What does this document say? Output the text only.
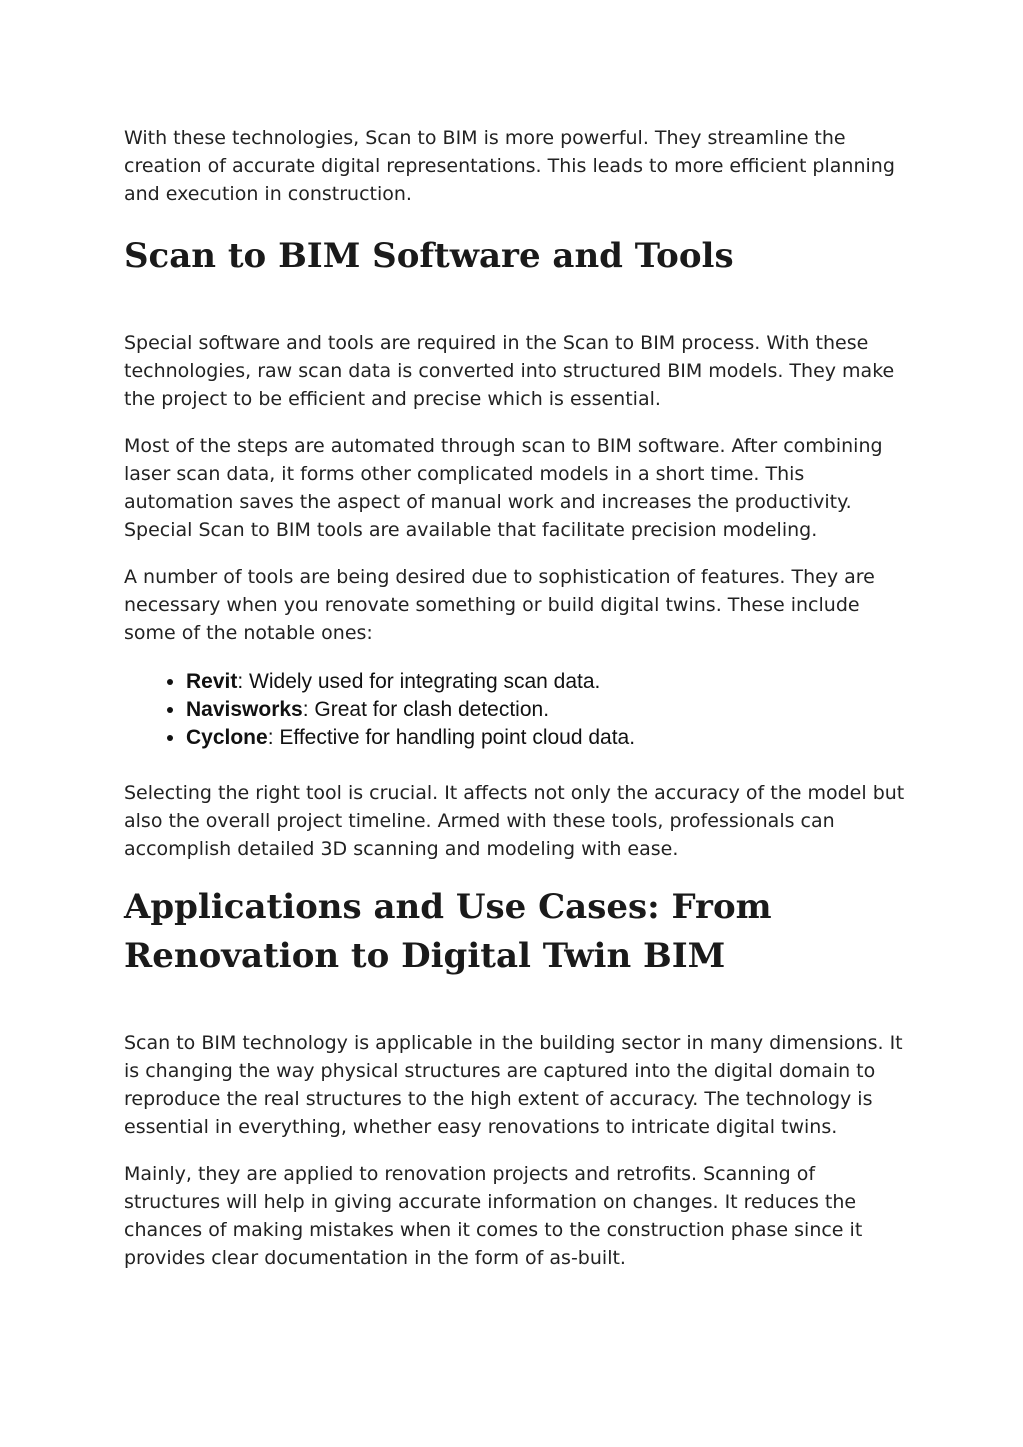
With these technologies, Scan to BIM is more powerful. They streamline the creation of accurate digital representations. This leads to more efficient planning and execution in construction.

Scan to BIM Software and Tools

Special software and tools are required in the Scan to BIM process. With these technologies, raw scan data is converted into structured BIM models. They make the project to be efficient and precise which is essential.

Most of the steps are automated through scan to BIM software. After combining laser scan data, it forms other complicated models in a short time. This automation saves the aspect of manual work and increases the productivity. Special Scan to BIM tools are available that facilitate precision modeling.

A number of tools are being desired due to sophistication of features. They are necessary when you renovate something or build digital twins. These include some of the notable ones:

• Revit: Widely used for integrating scan data.
• Navisworks: Great for clash detection.
• Cyclone: Effective for handling point cloud data.

Selecting the right tool is crucial. It affects not only the accuracy of the model but also the overall project timeline. Armed with these tools, professionals can accomplish detailed 3D scanning and modeling with ease.

Applications and Use Cases: From Renovation to Digital Twin BIM

Scan to BIM technology is applicable in the building sector in many dimensions. It is changing the way physical structures are captured into the digital domain to reproduce the real structures to the high extent of accuracy. The technology is essential in everything, whether easy renovations to intricate digital twins.

Mainly, they are applied to renovation projects and retrofits. Scanning of structures will help in giving accurate information on changes. It reduces the chances of making mistakes when it comes to the construction phase since it provides clear documentation in the form of as-built.
